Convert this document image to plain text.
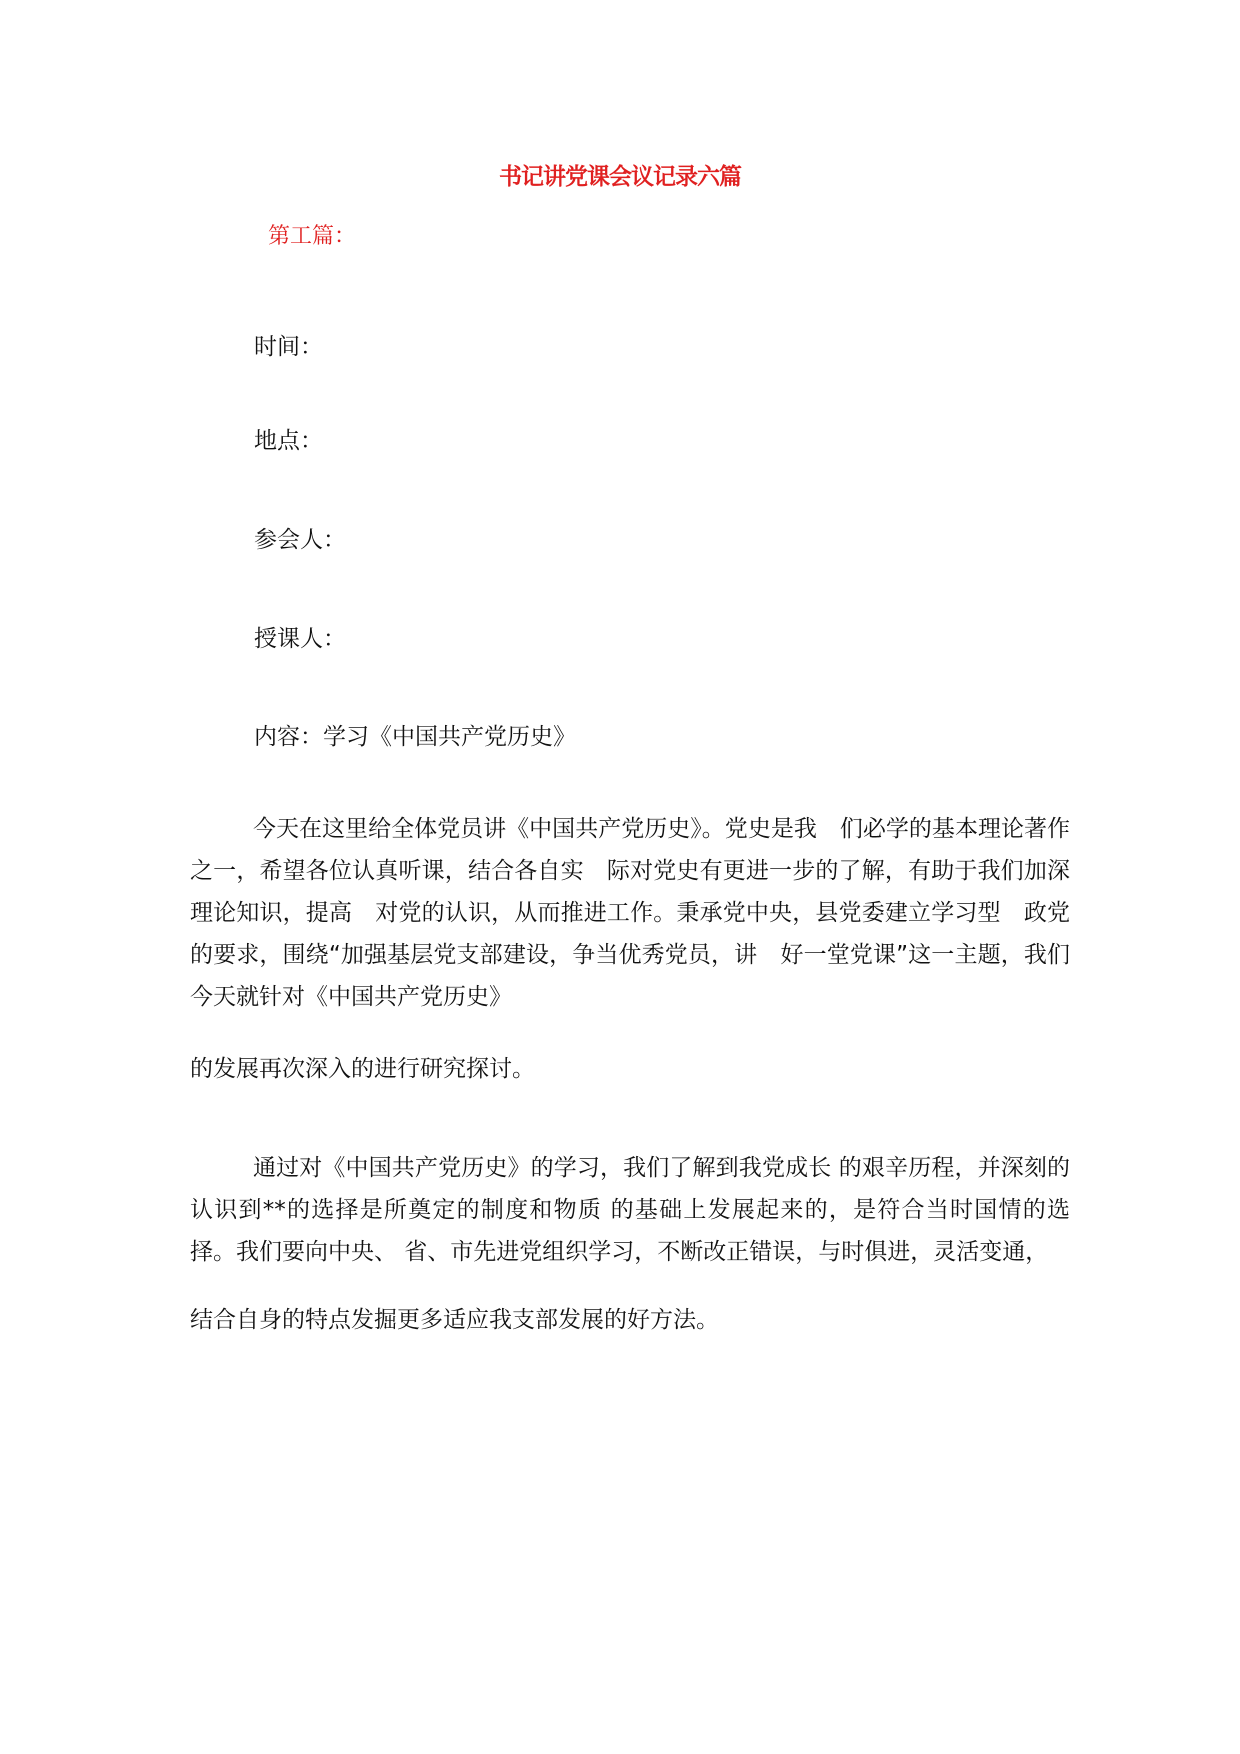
书记讲党课会议记录六篇
第工篇：
时间：
地点：
参会人：
授课人：
内容：学习《中国共产党历史》

今天在这里给全体党员讲《中国共产党历史》。党史是我　们必学的基本理论著作之一，希望各位认真听课，结合各自实　际对党史有更进一步的了解，有助于我们加深理论知识，提高　对党的认识，从而推进工作。秉承党中央，县党委建立学习型　政党的要求，围绕“加强基层党支部建设，争当优秀党员，讲　好一堂党课”这一主题，我们今天就针对《中国共产党历史》

的发展再次深入的进行研究探讨。

通过对《中国共产党历史》的学习，我们了解到我党成长 的艰辛历程，并深刻的认识到**的选择是所奠定的制度和物质 的基础上发展起来的，是符合当时国情的选择。我们要向中央、 省、市先进党组织学习，不断改正错误，与时俱进，灵活变通，

结合自身的特点发掘更多适应我支部发展的好方法。
